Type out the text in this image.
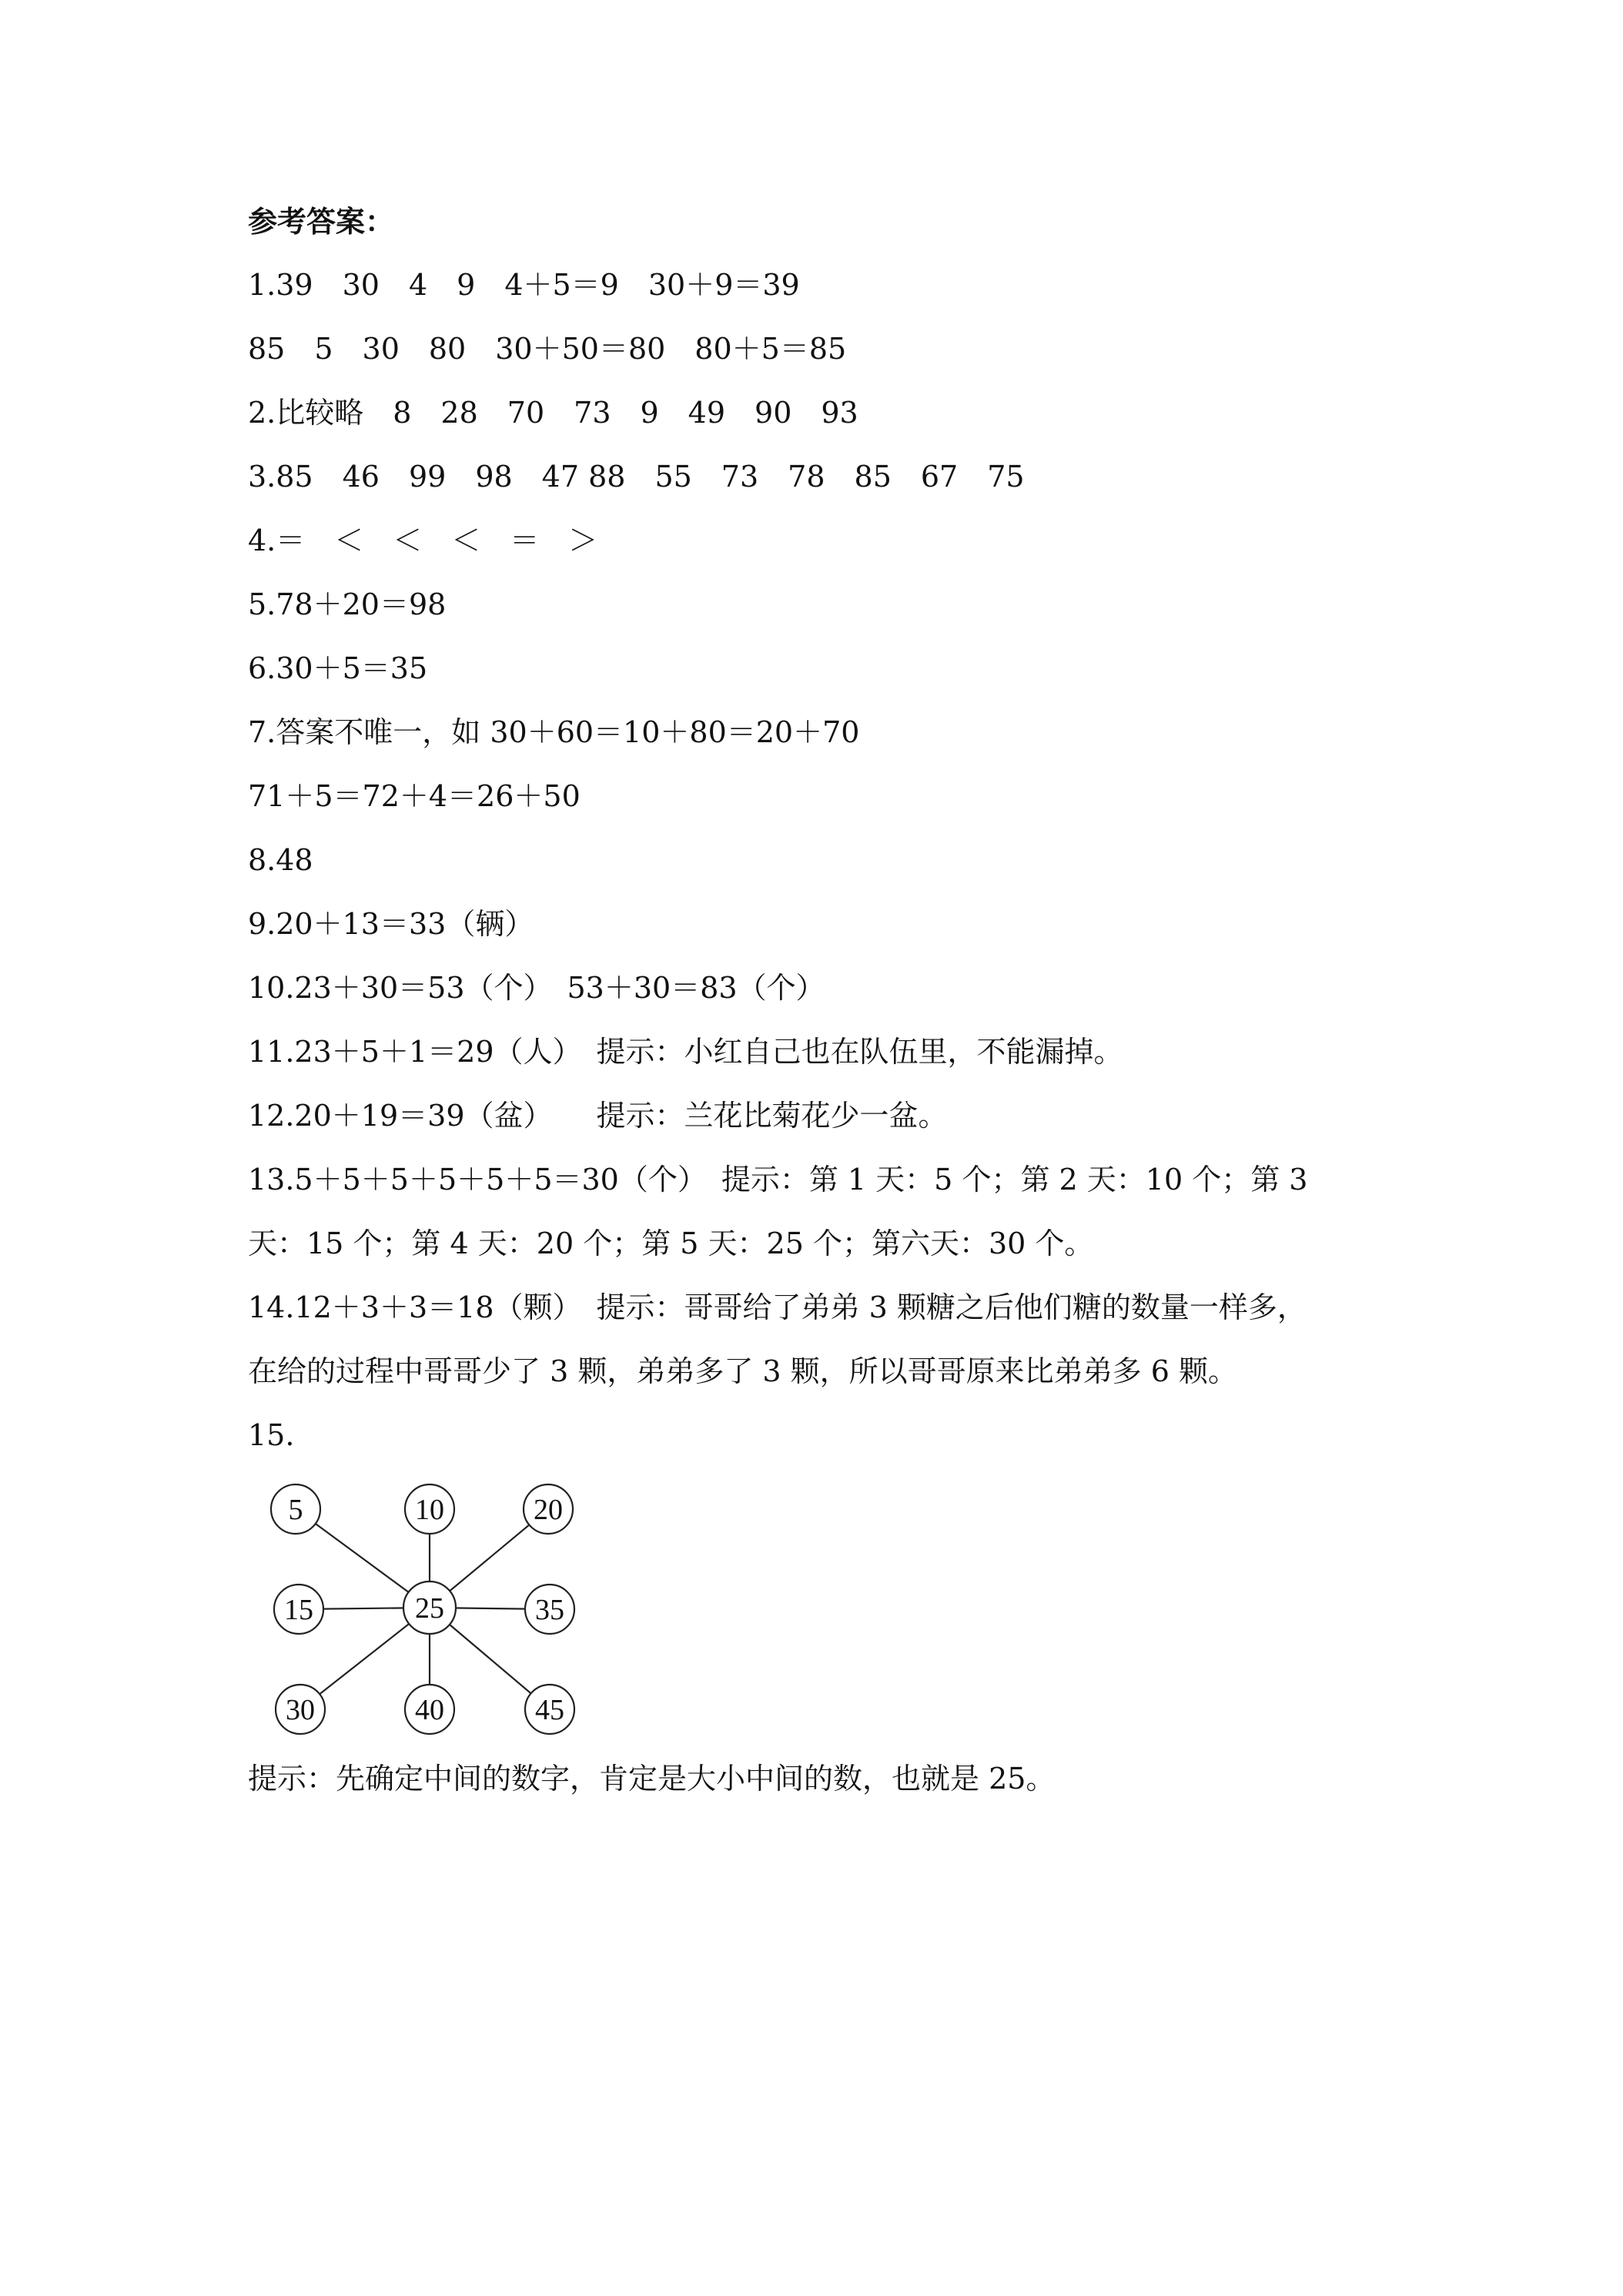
参考答案：
1.39　30　4　9　4＋5＝9　30＋9＝39
85　5　30　80　30＋50＝80　80＋5＝85
2.比较略　8　28　70　73　9　49　90　93
3.85　46　99　98　47 88　55　73　78　85　67　75
4.＝　＜　＜　＜　＝　＞
5.78＋20＝98
6.30＋5＝35
7.答案不唯一，如 30＋60＝10＋80＝20＋70
71＋5＝72＋4＝26＋50
8.48
9.20＋13＝33（辆）
10.23＋30＝53（个）　53＋30＝83（个）
11.23＋5＋1＝29（人）　提示：小红自己也在队伍里，不能漏掉。
12.20＋19＝39（盆）　　提示：兰花比菊花少一盆。
13.5＋5＋5＋5＋5＋5＝30（个）　提示：第 1 天：5 个；第 2 天：10 个；第 3
天：15 个；第 4 天：20 个；第 5 天：25 个；第六天：30 个。
14.12＋3＋3＝18（颗）　提示：哥哥给了弟弟 3 颗糖之后他们糖的数量一样多，
在给的过程中哥哥少了 3 颗，弟弟多了 3 颗，所以哥哥原来比弟弟多 6 颗。
15.
5	10	20
15	25	35
30	40	45
提示：先确定中间的数字，肯定是大小中间的数，也就是 25。
